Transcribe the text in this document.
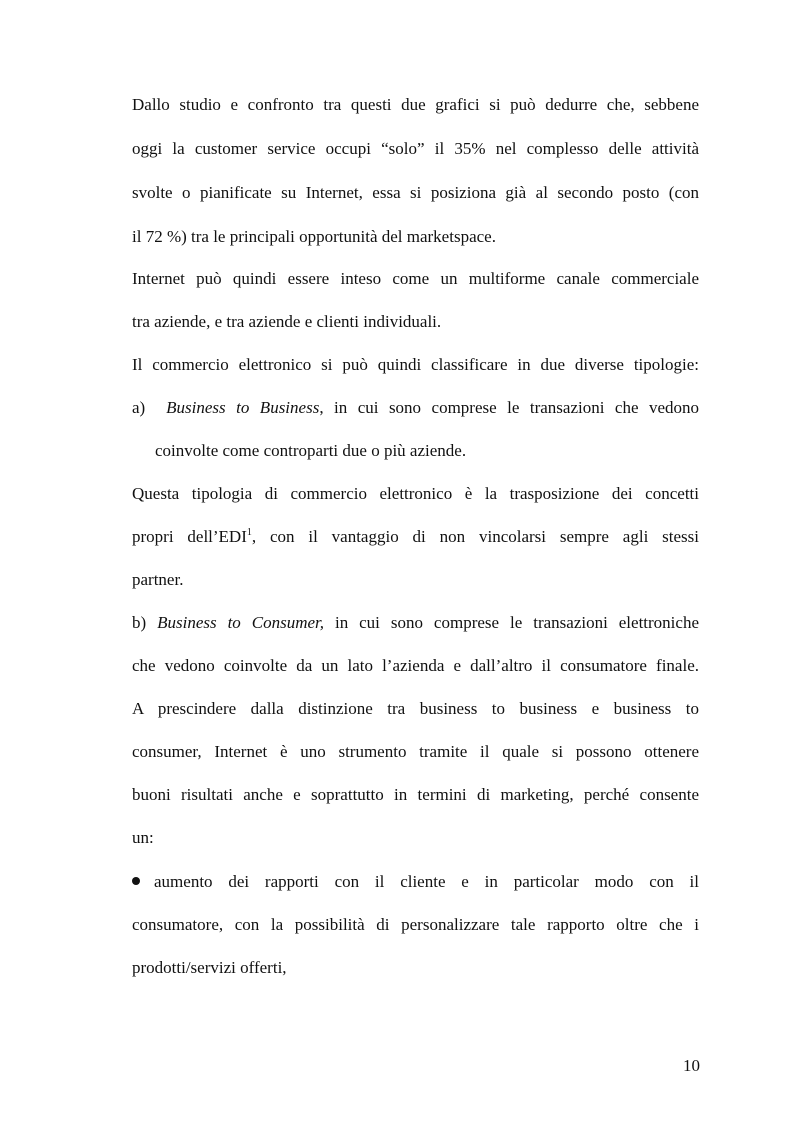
Dallo studio e confronto tra questi due grafici si può dedurre che, sebbene
oggi la customer service occupi “solo” il 35% nel complesso delle attività
svolte o pianificate su Internet, essa si posiziona già al secondo posto (con
il 72 %) tra le principali opportunità del marketspace.
Internet può quindi essere inteso come un multiforme canale commerciale
tra aziende, e tra aziende e clienti individuali.
Il commercio elettronico si può quindi classificare in due diverse tipologie:
a) Business to Business, in cui sono comprese le transazioni che vedono
coinvolte come controparti due o più aziende.
Questa tipologia di commercio elettronico è la trasposizione dei concetti
propri dell’EDI$^1$, con il vantaggio di non vincolarsi sempre agli stessi
partner.
b) Business to Consumer, in cui sono comprese le transazioni elettroniche
che vedono coinvolte da un lato l’azienda e dall’altro il consumatore finale.
A prescindere dalla distinzione tra business to business e business to
consumer, Internet è uno strumento tramite il quale si possono ottenere
buoni risultati anche e soprattutto in termini di marketing, perché consente
un:
aumento dei rapporti con il cliente e in particolar modo con il
consumatore, con la possibilità di personalizzare tale rapporto oltre che i
prodotti/servizi offerti,
10
